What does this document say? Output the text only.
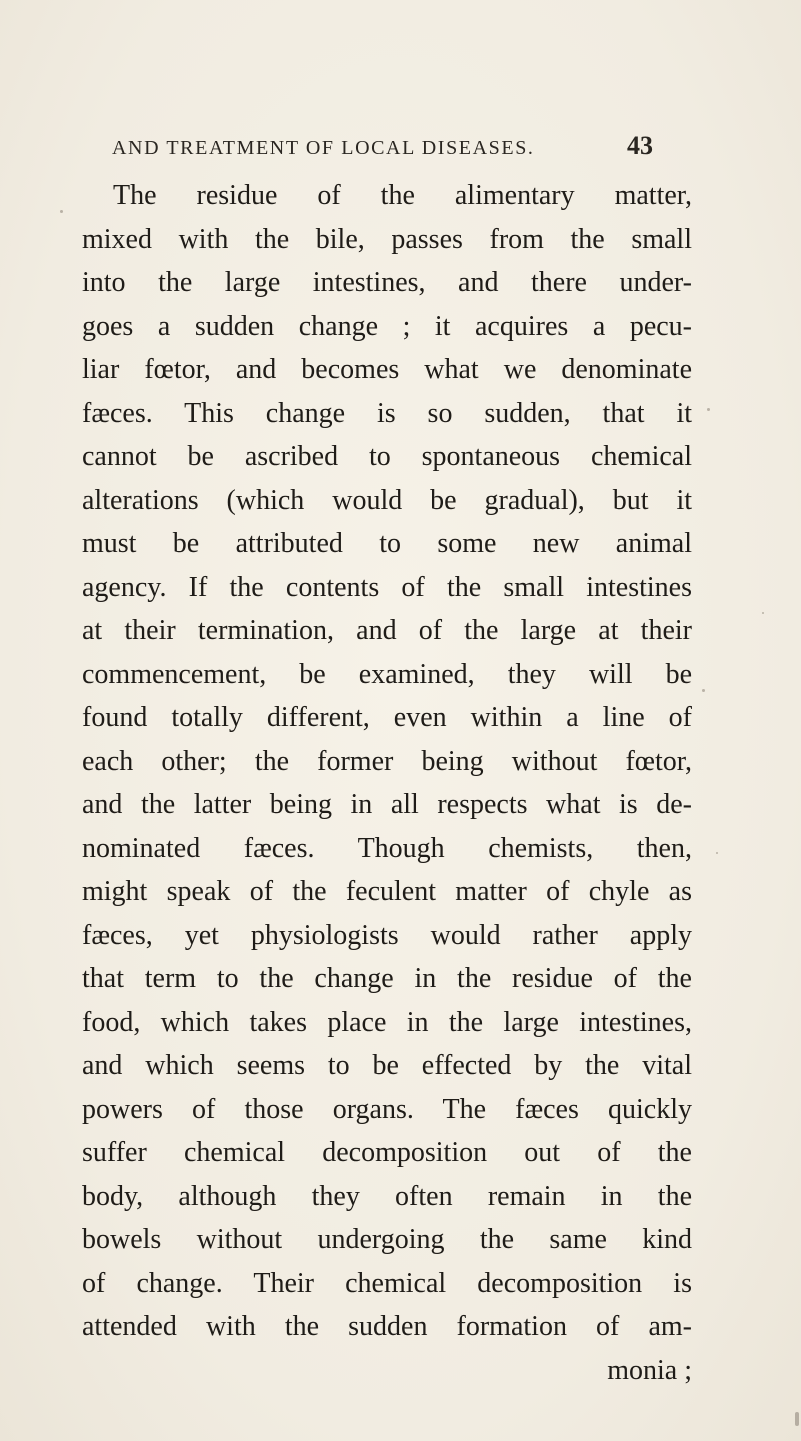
AND TREATMENT OF LOCAL DISEASES.	43
The residue of the alimentary matter,
mixed with the bile, passes from the small
into the large intestines, and there under-
goes a sudden change ; it acquires a pecu-
liar fœtor, and becomes what we denominate
fæces. This change is so sudden, that it
cannot be ascribed to spontaneous chemical
alterations (which would be gradual), but it
must be attributed to some new animal
agency. If the contents of the small intestines
at their termination, and of the large at their
commencement, be examined, they will be
found totally different, even within a line of
each other; the former being without fœtor,
and the latter being in all respects what is de-
nominated fæces. Though chemists, then,
might speak of the feculent matter of chyle as
fæces, yet physiologists would rather apply
that term to the change in the residue of the
food, which takes place in the large intestines,
and which seems to be effected by the vital
powers of those organs. The fæces quickly
suffer chemical decomposition out of the
body, although they often remain in the
bowels without undergoing the same kind
of change. Their chemical decomposition is
attended with the sudden formation of am-
monia ;
